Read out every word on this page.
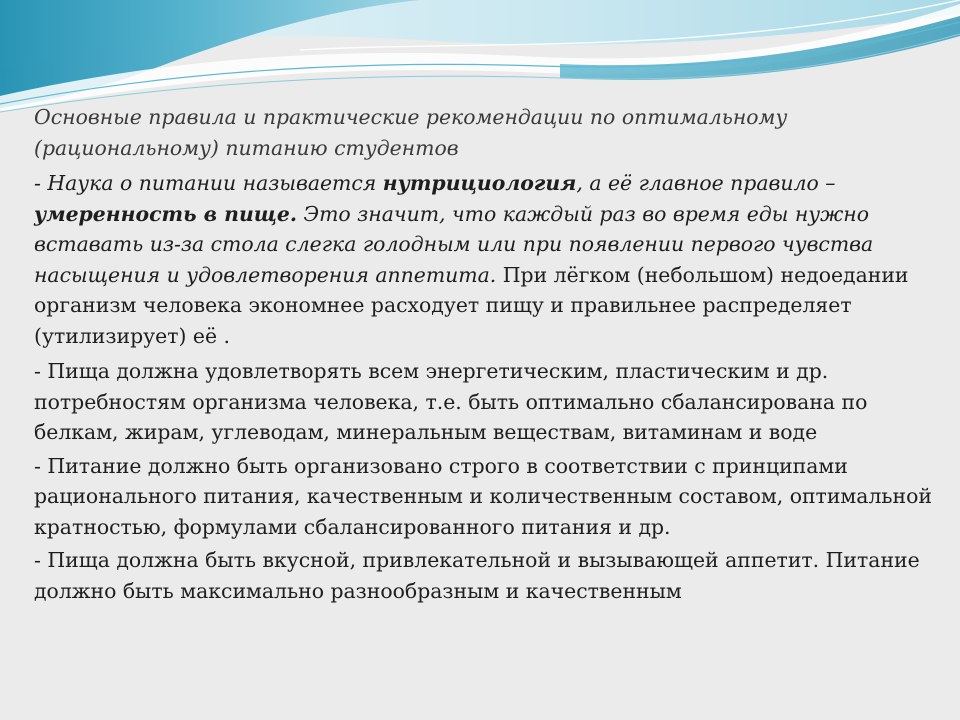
Основные правила и практические рекомендации по оптимальному (рациональному) питанию студентов

- Наука о питании называется нутрициология, а её главное правило – умеренность в пище. Это значит, что каждый раз во время еды нужно вставать из-за стола слегка голодным или при появлении первого чувства насыщения и удовлетворения аппетита. При лёгком (небольшом) недоедании организм человека экономнее расходует пищу и правильнее распределяет (утилизирует) её .

- Пища должна удовлетворять всем энергетическим, пластическим и др. потребностям организма человека, т.е. быть оптимально сбалансирована по белкам, жирам, углеводам, минеральным веществам, витаминам и воде

- Питание должно быть организовано строго в соответствии с принципами рационального питания, качественным и количественным составом, оптимальной кратностью, формулами сбалансированного питания и др.

- Пища должна быть вкусной, привлекательной и вызывающей аппетит. Питание должно быть максимально разнообразным и качественным
